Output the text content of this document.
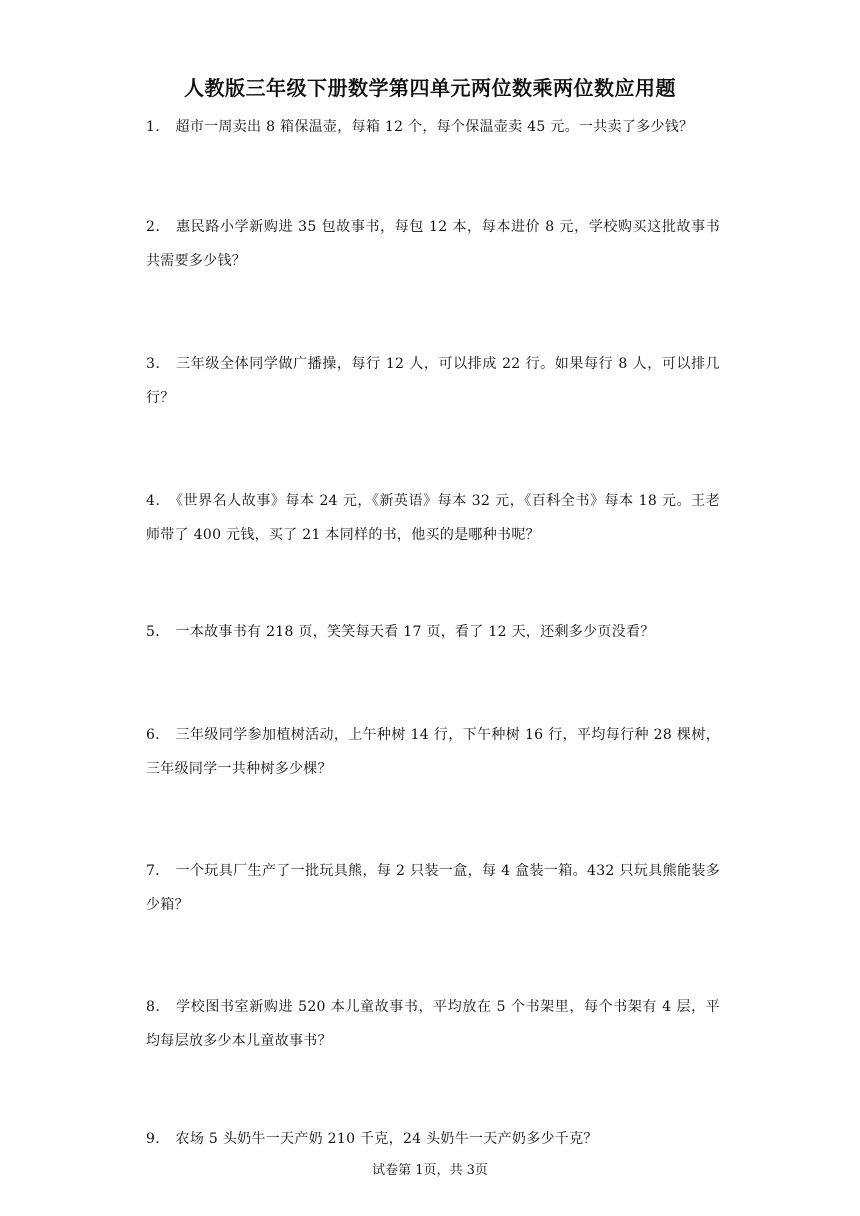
人教版三年级下册数学第四单元两位数乘两位数应用题
1． 超市一周卖出 8 箱保温壶，每箱 12 个，每个保温壶卖 45 元。一共卖了多少钱？
2． 惠民路小学新购进 35 包故事书，每包 12 本，每本进价 8 元，学校购买这批故事书共需要多少钱？
3． 三年级全体同学做广播操，每行 12 人，可以排成 22 行。如果每行 8 人，可以排几行？
4． 《世界名人故事》每本 24 元，《新英语》每本 32 元，《百科全书》每本 18 元。王老师带了 400 元钱，买了 21 本同样的书，他买的是哪种书呢？
5． 一本故事书有 218 页，笑笑每天看 17 页，看了 12 天，还剩多少页没看？
6． 三年级同学参加植树活动，上午种树 14 行，下午种树 16 行，平均每行种 28 棵树，三年级同学一共种树多少棵？
7． 一个玩具厂生产了一批玩具熊，每 2 只装一盒，每 4 盒装一箱。432 只玩具熊能装多少箱？
8． 学校图书室新购进 520 本儿童故事书，平均放在 5 个书架里，每个书架有 4 层，平均每层放多少本儿童故事书？
9． 农场 5 头奶牛一天产奶 210 千克，24 头奶牛一天产奶多少千克？
试卷第 1页，共 3页
